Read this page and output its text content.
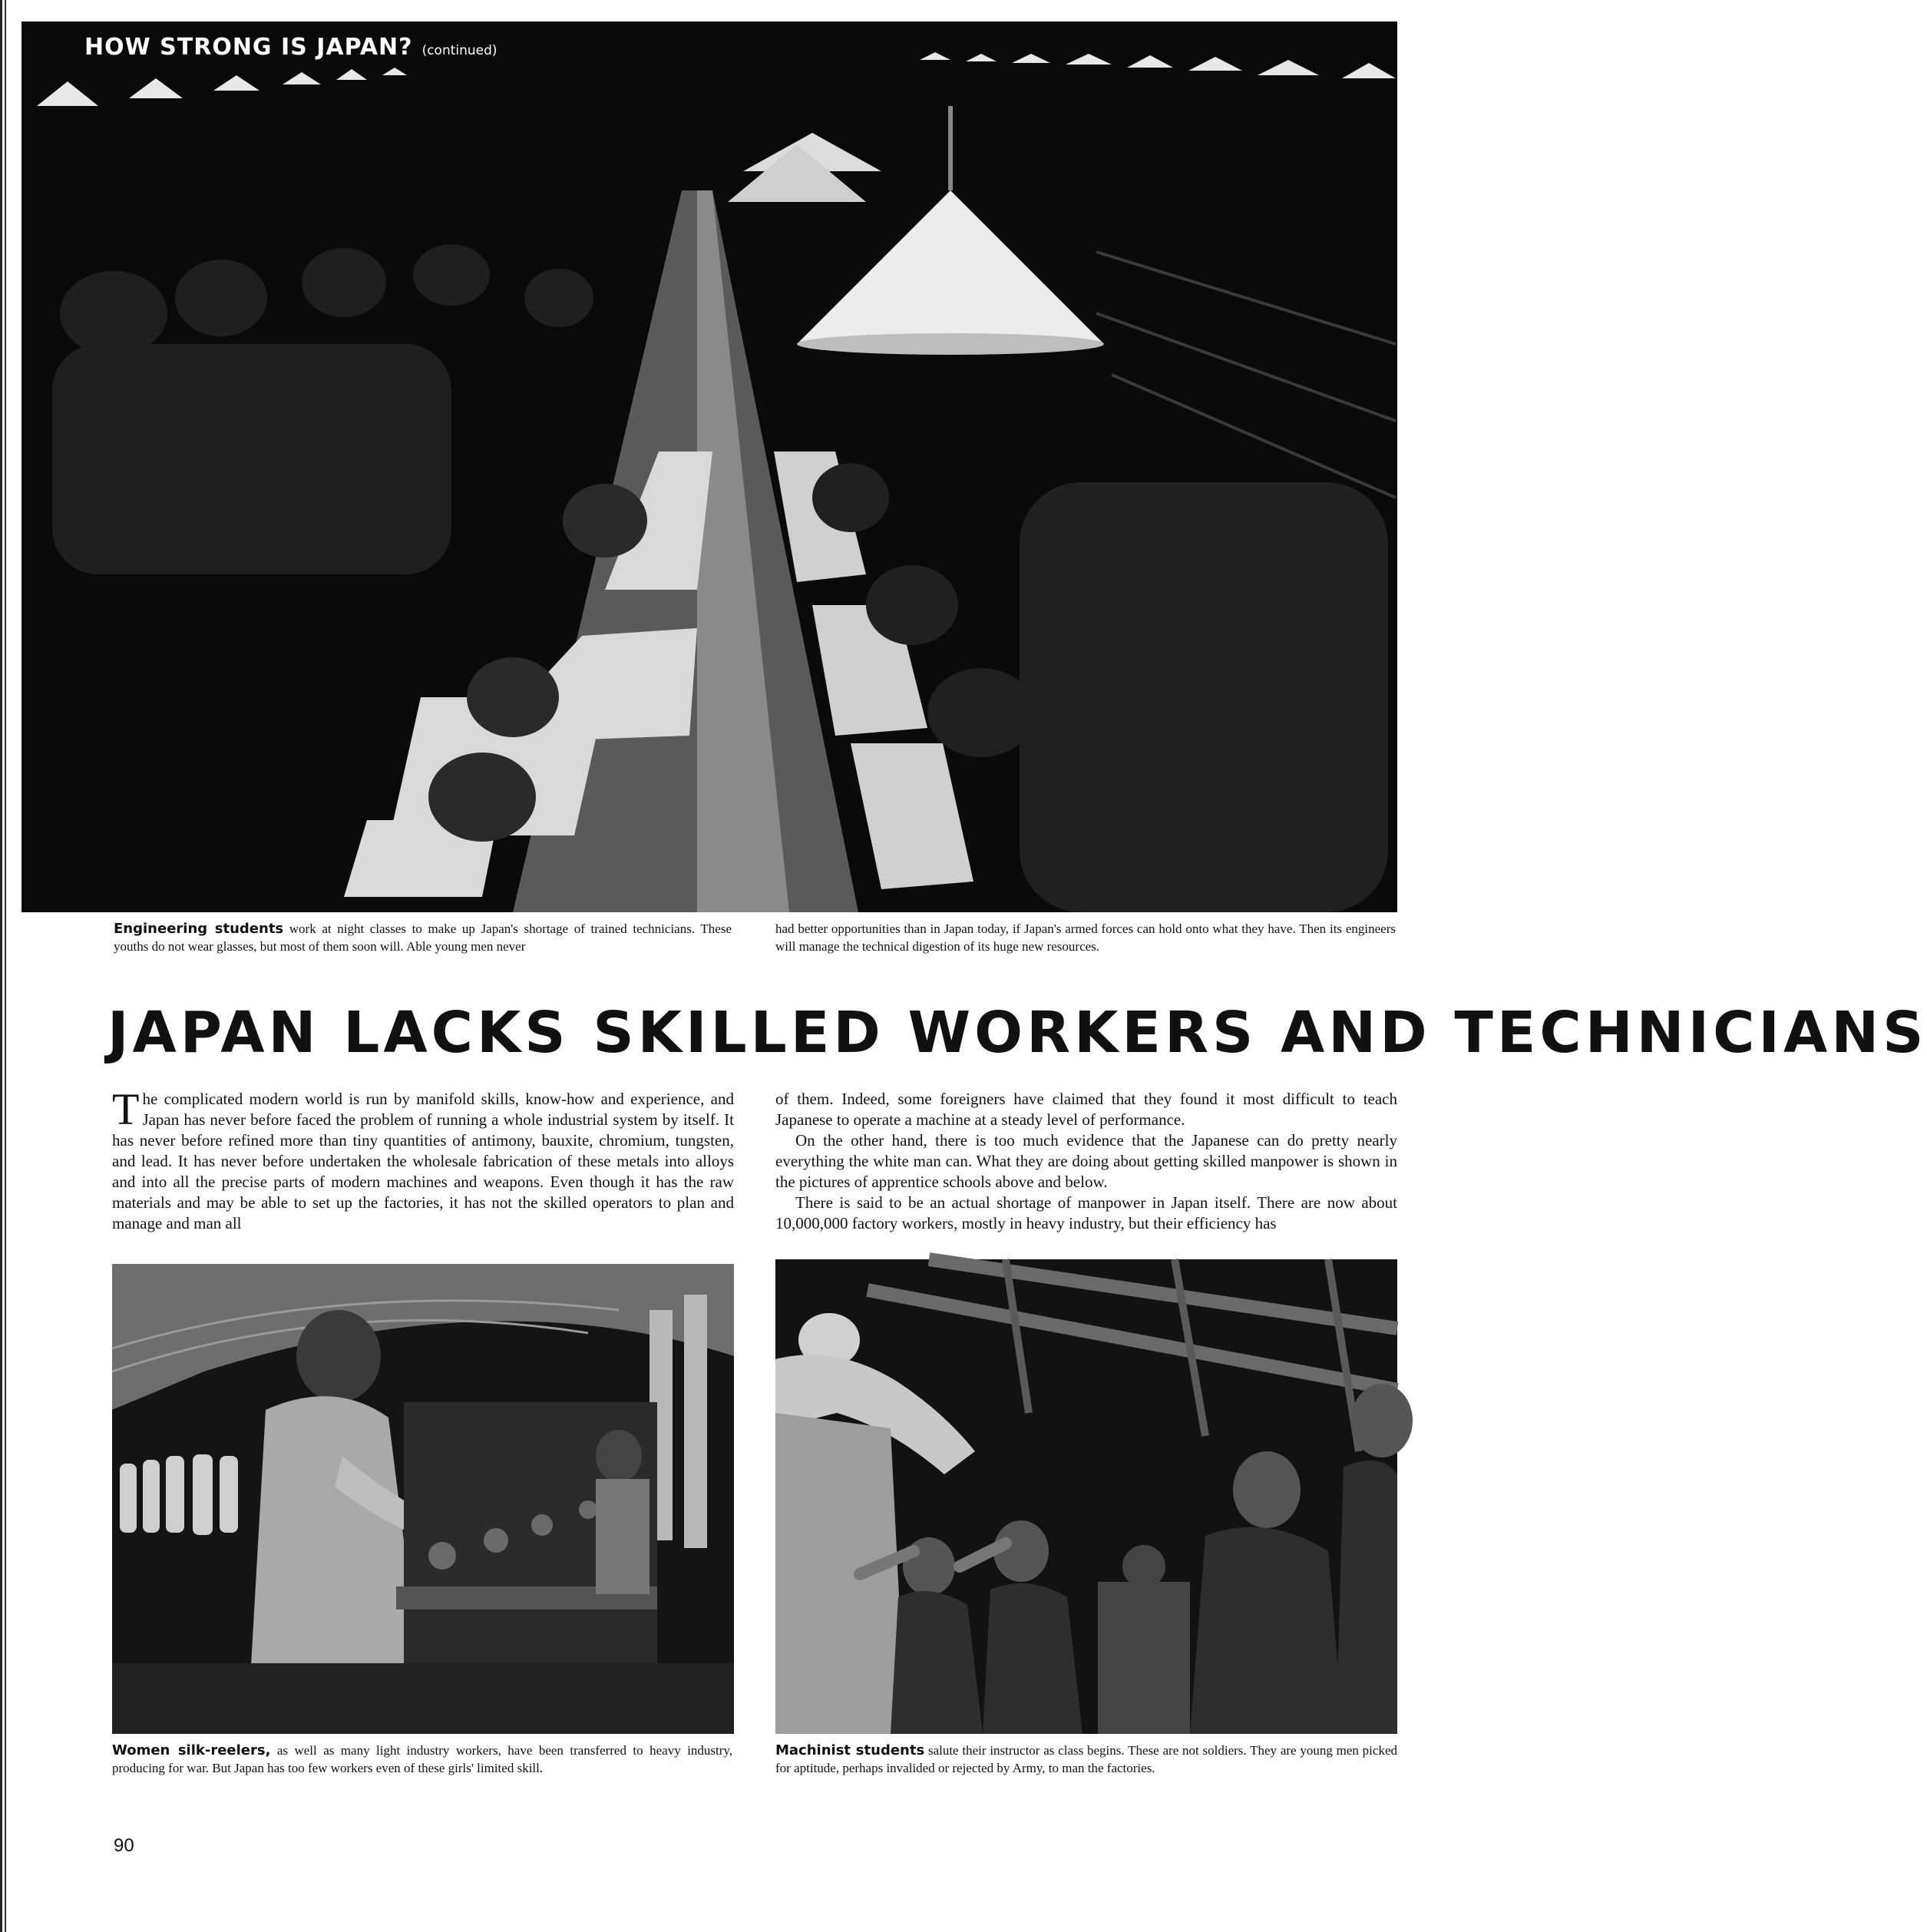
HOW STRONG IS JAPAN? (continued)
Engineering students work at night classes to make up Japan's shortage of trained technicians. These youths do not wear glasses, but most of them soon will. Able young men never
had better opportunities than in Japan today, if Japan's armed forces can hold onto what they have. Then its engineers will manage the technical digestion of its huge new resources.
JAPAN LACKS SKILLED WORKERS AND TECHNICIANS

The complicated modern world is run by manifold skills, know-how and experience, and Japan has never before faced the problem of running a whole industrial system by itself. It has never before refined more than tiny quantities of antimony, bauxite, chromium, tungsten, and lead. It has never before undertaken the wholesale fabrication of these metals into alloys and into all the precise parts of modern machines and weapons. Even though it has the raw materials and may be able to set up the factories, it has not the skilled operators to plan and manage and man all

of them. Indeed, some foreigners have claimed that they found it most difficult to teach Japanese to operate a machine at a steady level of performance.

On the other hand, there is too much evidence that the Japanese can do pretty nearly everything the white man can. What they are doing about getting skilled manpower is shown in the pictures of apprentice schools above and below.

There is said to be an actual shortage of manpower in Japan itself. There are now about 10,000,000 factory workers, mostly in heavy industry, but their efficiency has

Women silk-reelers, as well as many light industry workers, have been transferred to heavy industry, producing for war. But Japan has too few workers even of these girls' limited skill.
Machinist students salute their instructor as class begins. These are not soldiers. They are young men picked for aptitude, perhaps invalided or rejected by Army, to man the factories.
90
